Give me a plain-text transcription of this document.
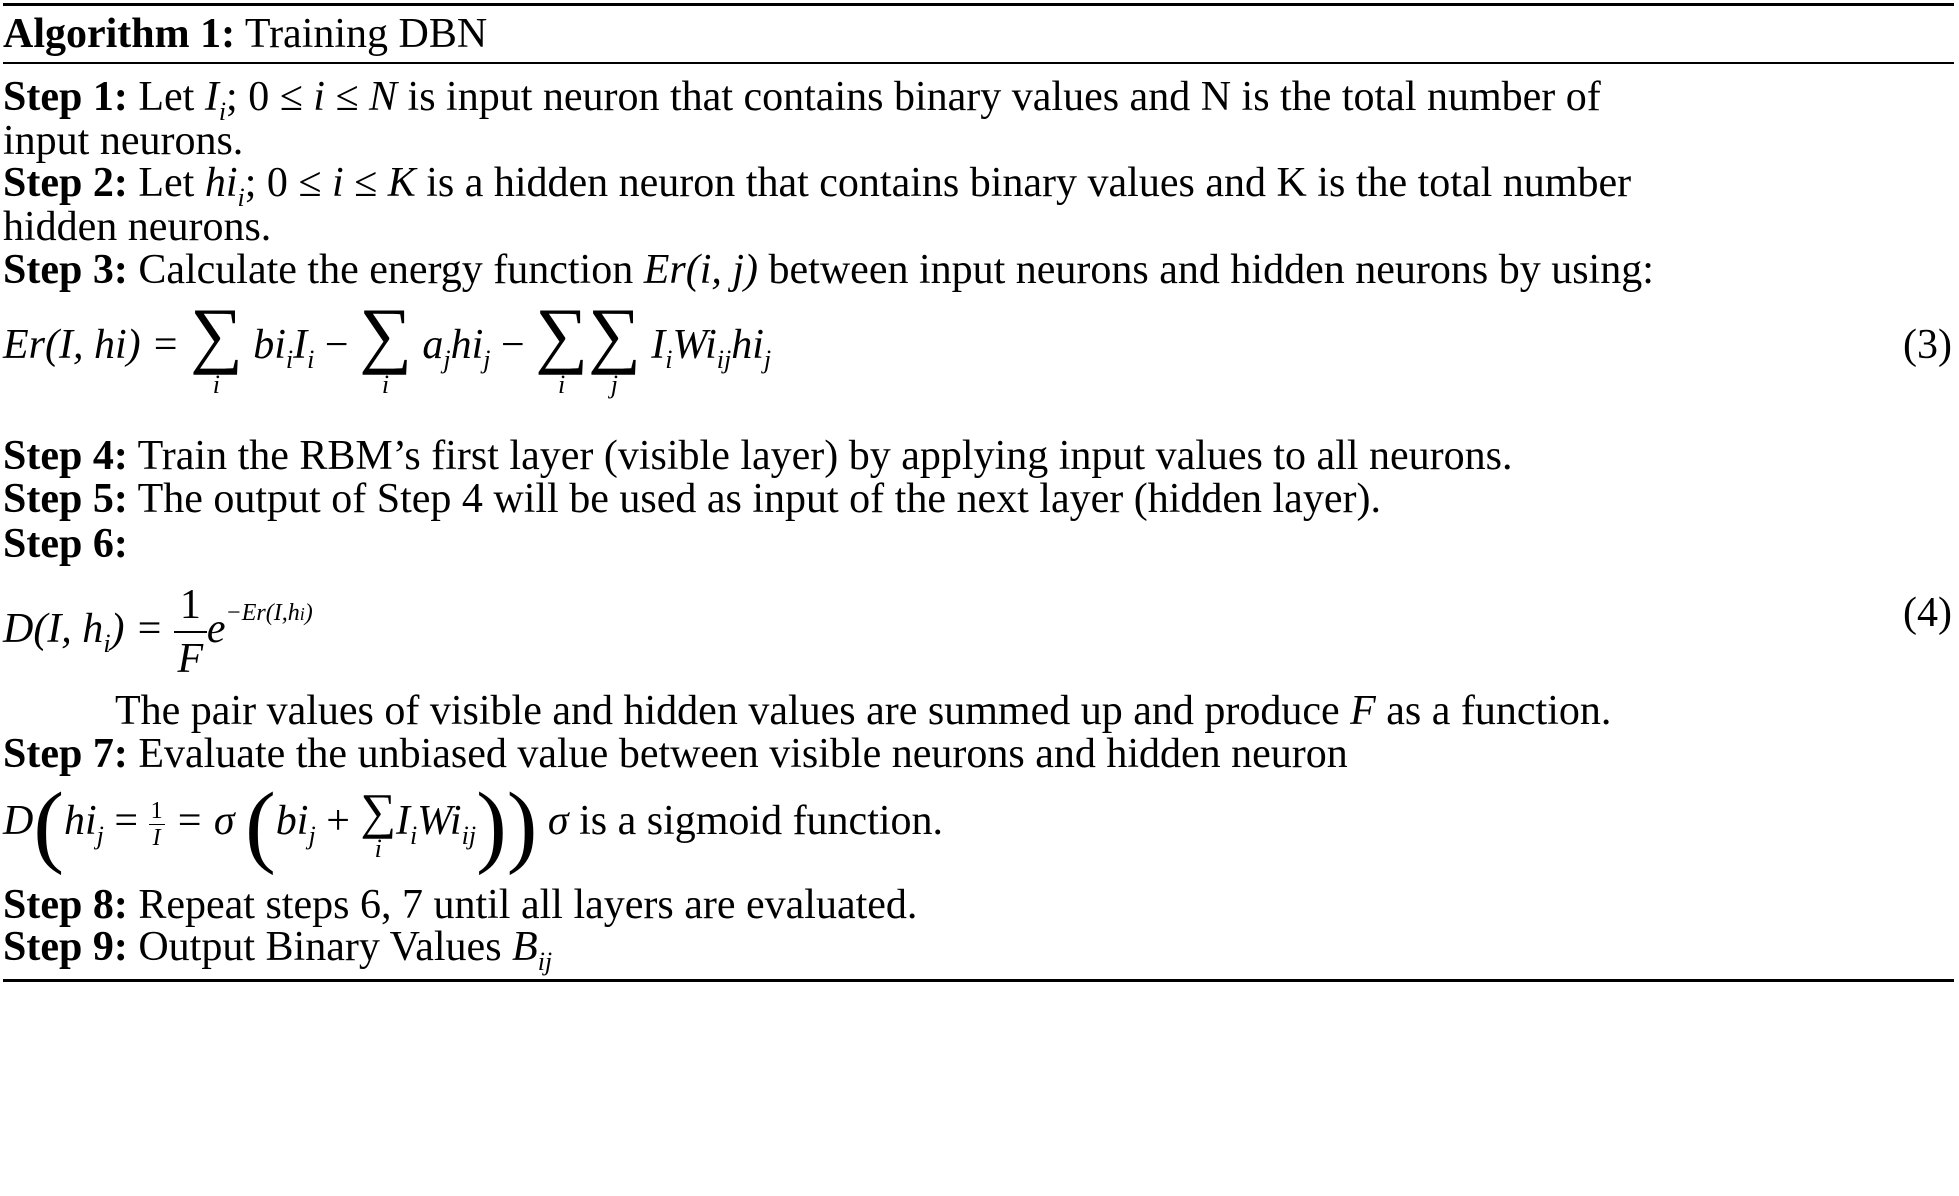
Algorithm 1: Training DBN
Step 1: Let $I_i$; 0 ≤ i ≤ N is input neuron that contains binary values and N is the total number of
input neurons.
Step 2: Let $hi_i$; 0 ≤ i ≤ K is a hidden neuron that contains binary values and K is the total number
hidden neurons.
Step 3: Calculate the energy function Er(i, j) between input neurons and hidden neurons by using:
Er(I, hi) = ∑
i
$bi_iI_i$ − ∑
i
$a_jhi_j$ − ∑
i
∑
j
$I_iWi_{ij}hi_j$	(3)
Step 4: Train the RBM’s first layer (visible layer) by applying input values to all neurons.
Step 5: The output of Step 4 will be used as input of the next layer (hidden layer).
Step 6:
D(I, $h_i) = \frac{1}{F} e^{-Er(I,hi)}$	(4)
The pair values of visible and hidden values are summed up and produce F as a function.
Step 7: Evaluate the unbiased value between visible neurons and hidden neuron
$D(hi_j = \frac{1}{I} = \sigma$ ($bi_j$ + ∑
i
$I_iWi_{ij}$)) σ is a sigmoid function.
Step 8: Repeat steps 6, 7 until all layers are evaluated.
Step 9: Output Binary Values $B_{ij}$
